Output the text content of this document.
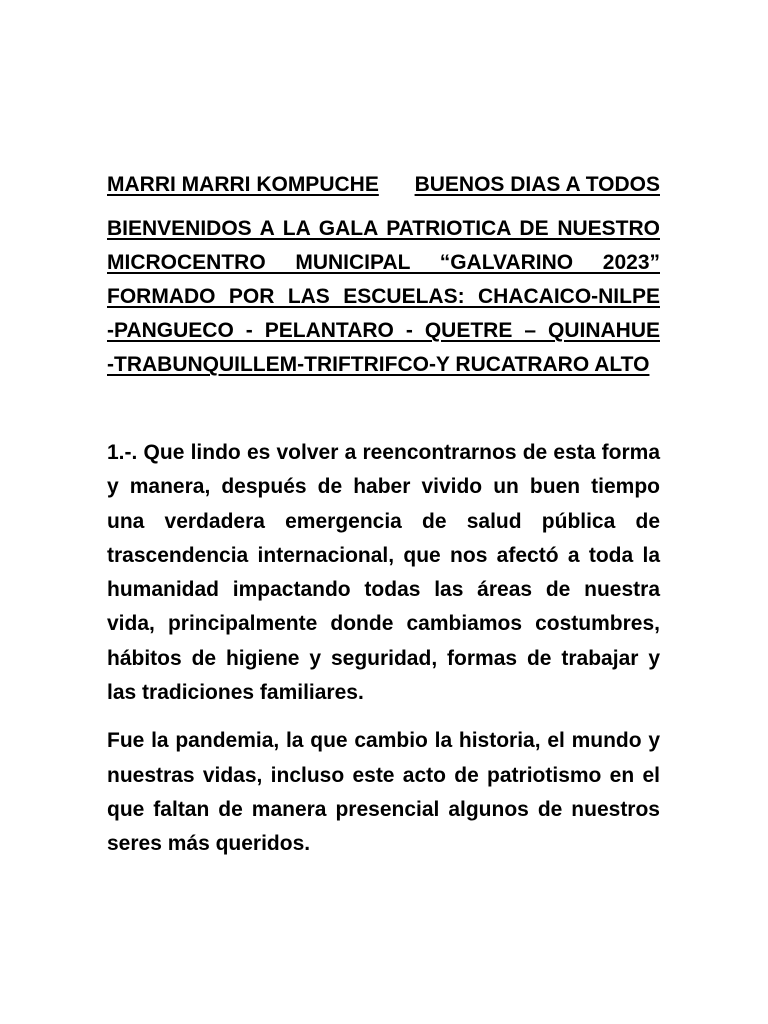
MARRI MARRI KOMPUCHE BUENOS DIAS A TODOS
BIENVENIDOS A LA GALA PATRIOTICA DE NUESTRO
MICROCENTRO MUNICIPAL “GALVARINO 2023”
FORMADO POR LAS ESCUELAS: CHACAICO-NILPE
-PANGUECO - PELANTARO - QUETRE – QUINAHUE
-TRABUNQUILLEM-TRIFTRIFCO-Y RUCATRARO ALTO

1.-. Que lindo es volver a reencontrarnos de esta forma y manera, después de haber vivido un buen tiempo una verdadera emergencia de salud pública de trascendencia internacional, que nos afectó a toda la humanidad impactando todas las áreas de nuestra vida, principalmente donde cambiamos costumbres, hábitos de higiene y seguridad, formas de trabajar y las tradiciones familiares.

Fue la pandemia, la que cambio la historia, el mundo y nuestras vidas, incluso este acto de patriotismo en el que faltan de manera presencial algunos de nuestros seres más queridos.
